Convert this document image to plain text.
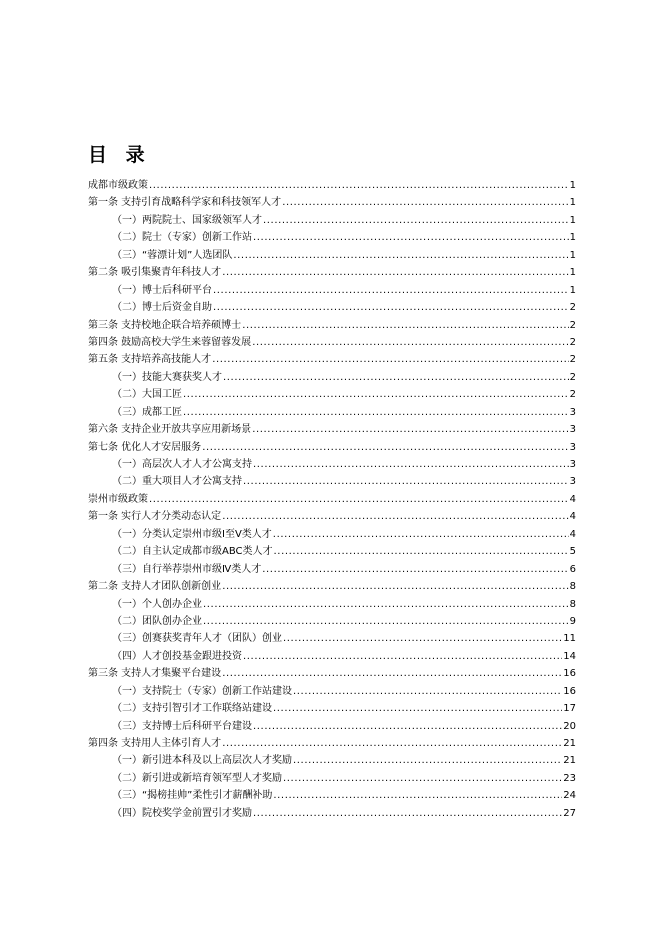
目 录
成都市级政策 .....	1
第一条 支持引育战略科学家和科技领军人才 .....	1
（一）两院院士、国家级领军人才 .....	1
（二）院士（专家）创新工作站 .....	1
（三）“蓉漂计划”人选团队 .....	1
第二条 吸引集聚青年科技人才 .....	1
（一）博士后科研平台 .....	1
（二）博士后资金自助 .....	2
第三条 支持校地企联合培养硕博士 .....	2
第四条 鼓励高校大学生来蓉留蓉发展 .....	2
第五条 支持培养高技能人才 .....	2
（一）技能大赛获奖人才 .....	2
（二）大国工匠 .....	2
（三）成都工匠 .....	3
第六条 支持企业开放共享应用新场景 .....	3
第七条 优化人才安居服务 .....	3
（一）高层次人才人才公寓支持 .....	3
（二）重大项目人才公寓支持 .....	3
崇州市级政策 .....	4
第一条 实行人才分类动态认定 .....	4
（一）分类认定崇州市级Ⅰ至Ⅴ类人才 .....	4
（二）自主认定成都市级ABC类人才 .....	5
（三）自行举荐崇州市级Ⅳ类人才 .....	6
第二条 支持人才团队创新创业 .....	8
（一）个人创办企业 .....	8
（二）团队创办企业 .....	9
（三）创赛获奖青年人才（团队）创业 .....	11
（四）人才创投基金跟进投资 .....	14
第三条 支持人才集聚平台建设 .....	16
（一）支持院士（专家）创新工作站建设 .....	16
（二）支持引智引才工作联络站建设 .....	17
（三）支持博士后科研平台建设 .....	20
第四条 支持用人主体引育人才 .....	21
（一）新引进本科及以上高层次人才奖励 .....	21
（二）新引进或新培育领军型人才奖励 .....	23
（三）“揭榜挂帅”柔性引才薪酬补助 .....	24
（四）院校奖学金前置引才奖励 .....	27
